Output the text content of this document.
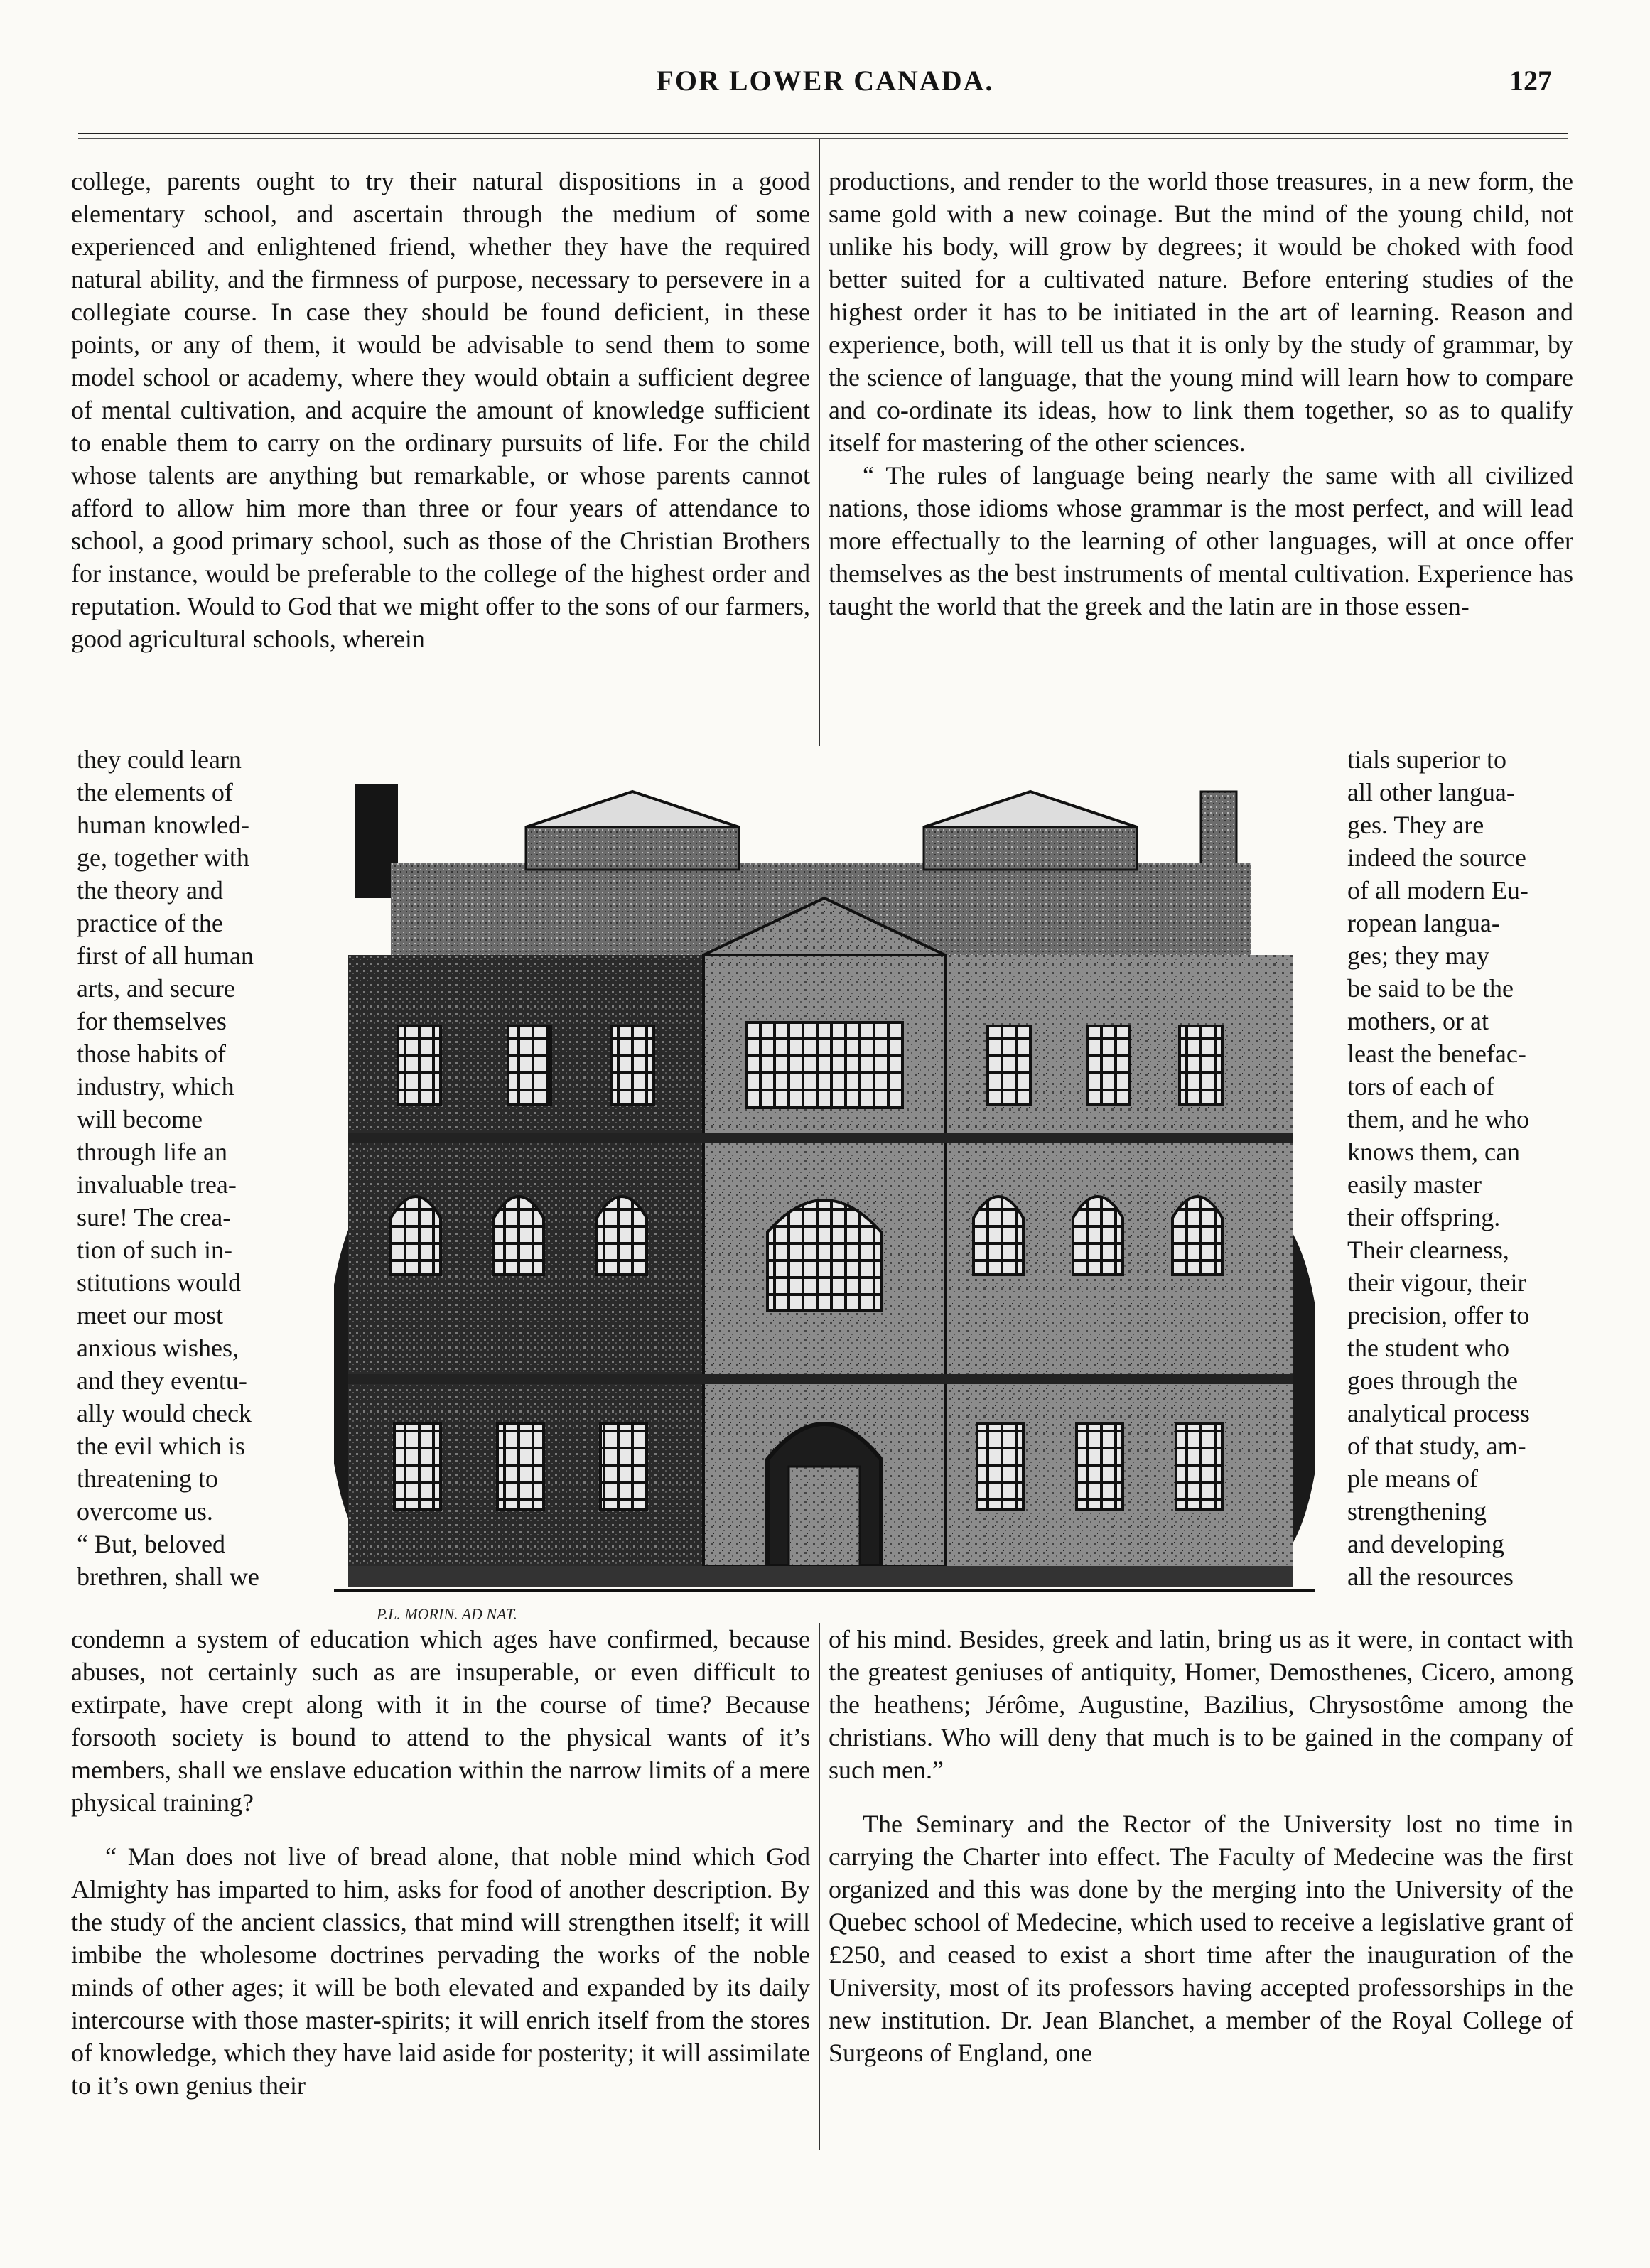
FOR LOWER CANADA.	127

college, parents ought to try their natural dispositions in a good elementary school, and ascertain through the medium of some experienced and enlightened friend, whether they have the required natural ability, and the firmness of purpose, necessary to persevere in a collegiate course. In case they should be found deficient, in these points, or any of them, it would be advisable to send them to some model school or academy, where they would obtain a sufficient degree of mental cultivation, and acquire the amount of knowledge sufficient to enable them to carry on the ordinary pursuits of life. For the child whose talents are anything but remarkable, or whose parents cannot afford to allow him more than three or four years of attendance to school, a good primary school, such as those of the Christian Brothers for instance, would be preferable to the college of the highest order and reputation. Would to God that we might offer to the sons of our farmers, good agricultural schools, wherein

they could learn
the elements of
human knowled-
ge, together with
the theory and
practice of the
first of all human
arts, and secure
for themselves
those habits of
industry, which
will become
through life an
invaluable trea-
sure! The crea-
tion of such in-
stitutions would
meet our most
anxious wishes,
and they eventu-
ally would check
the evil which is
threatening to
overcome us.
“ But, beloved
brethren, shall we

productions, and render to the world those treasures, in a new form, the same gold with a new coinage. But the mind of the young child, not unlike his body, will grow by degrees; it would be choked with food better suited for a cultivated nature. Before entering studies of the highest order it has to be initiated in the art of learning. Reason and experience, both, will tell us that it is only by the study of grammar, by the science of language, that the young mind will learn how to compare and co-ordinate its ideas, how to link them together, so as to qualify itself for mastering of the other sciences.

“ The rules of language being nearly the same with all civilized nations, those idioms whose grammar is the most perfect, and will lead more effectually to the learning of other languages, will at once offer themselves as the best instruments of mental cultivation. Experience has taught the world that the greek and the latin are in those essen-

tials superior to
all other langua-
ges. They are
indeed the source
of all modern Eu-
ropean langua-
ges; they may
be said to be the
mothers, or at
least the benefac-
tors of each of
them, and he who
knows them, can
easily master
their offspring.
Their clearness,
their vigour, their
precision, offer to
the student who
goes through the
analytical process
of that study, am-
ple means of
strengthening
and developing
all the resources
P.L. MORIN. AD NAT.

condemn a system of education which ages have confirmed, because abuses, not certainly such as are insuperable, or even difficult to extirpate, have crept along with it in the course of time? Because forsooth society is bound to attend to the physical wants of it’s members, shall we enslave education within the narrow limits of a mere physical training?

“ Man does not live of bread alone, that noble mind which God Almighty has imparted to him, asks for food of another description. By the study of the ancient classics, that mind will strengthen itself; it will imbibe the wholesome doctrines pervading the works of the noble minds of other ages; it will be both elevated and expanded by its daily intercourse with those master-spirits; it will enrich itself from the stores of knowledge, which they have laid aside for posterity; it will assimilate to it’s own genius their

of his mind. Besides, greek and latin, bring us as it were, in contact with the greatest geniuses of antiquity, Homer, Demosthenes, Cicero, among the heathens; Jérôme, Augustine, Bazilius, Chrysostôme among the christians. Who will deny that much is to be gained in the company of such men.”

The Seminary and the Rector of the University lost no time in carrying the Charter into effect. The Faculty of Medecine was the first organized and this was done by the merging into the University of the Quebec school of Medecine, which used to receive a legislative grant of £250, and ceased to exist a short time after the inauguration of the University, most of its professors having accepted professorships in the new institution. Dr. Jean Blanchet, a member of the Royal College of Surgeons of England, one
